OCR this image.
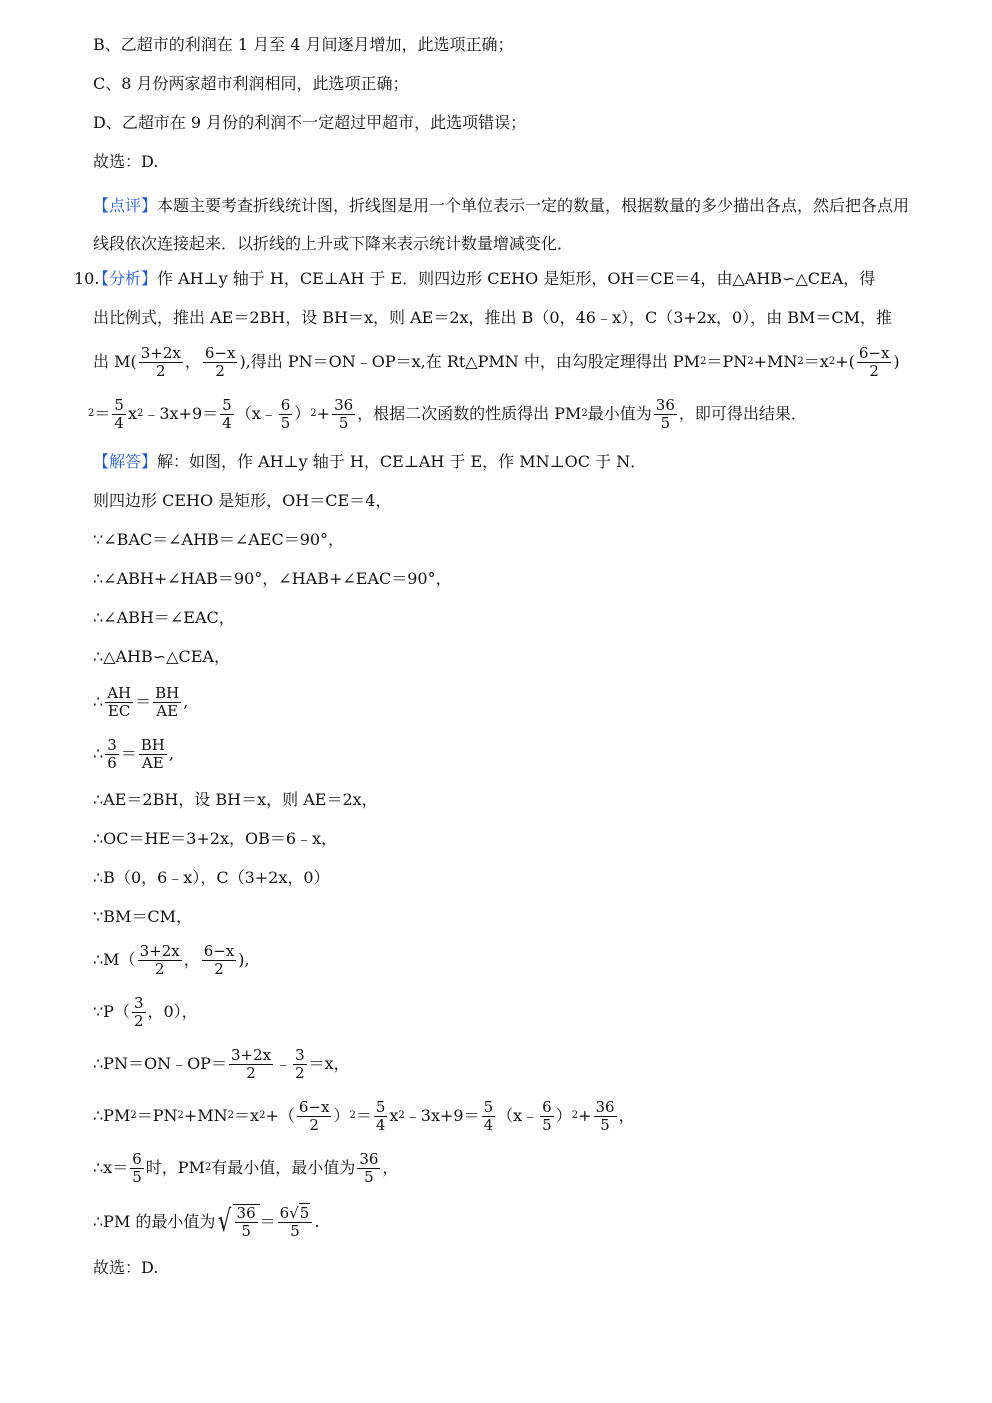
B、乙超市的利润在 1 月至 4 月间逐月增加，此选项正确；
C、8 月份两家超市利润相同，此选项正确；
D、乙超市在 9 月份的利润不一定超过甲超市，此选项错误；
故选：D.
【点评】本题主要考查折线统计图，折线图是用一个单位表示一定的数量，根据数量的多少描出各点，然后把各点用线段依次连接起来．以折线的上升或下降来表示统计数量增减变化．
10.
【分析】作 AH⊥y 轴于 H，CE⊥AH 于 E．则四边形 CEHO 是矩形，OH＝CE＝4，由△AHB∽△CEA，得
出比例式，推出 AE＝2BH，设 BH＝x，则 AE＝2x，推出 B（0，46﹣x），C（3+2x，0），由 BM＝CM，推
出 $M( \frac{3+2x}{2}$ ， $\frac{6-x}{2}$ ),得出 PN＝ON﹣OP＝x,在 Rt△PMN 中，由勾股定理得出 PM 2 ＝PN 2 +MN 2 ＝x 2 +( $\frac{6-x}{2}$ )
$2 = \frac{5}{4}$ x 2 ﹣3x+9＝ $\frac{5}{4}$ （x﹣ $\frac{6}{5}$ ） $2 + \frac{36}{5}$ ，根据二次函数的性质得出 PM 2 最小值为 $\frac{36}{5}$ ，即可得出结果．
【解答】解：如图，作 AH⊥y 轴于 H，CE⊥AH 于 E，作 MN⊥OC 于 N．
则四边形 CEHO 是矩形，OH＝CE＝4，
∵∠BAC＝∠AHB＝∠AEC＝90°，
∴∠ABH+∠HAB＝90°，∠HAB+∠EAC＝90°，
∴∠ABH＝∠EAC，
∴△AHB∽△CEA，
∴ $\frac{AH}{EC} = \frac{BH}{AE}$ ,
∴ $\frac{3}{6} = \frac{BH}{AE}$ ,
∴AE＝2BH，设 BH＝x，则 AE＝2x，
∴OC＝HE＝3+2x，OB＝6﹣x，
∴B（0，6﹣x），C（3+2x，0）
∵BM＝CM，
∴M（ $\frac{3+2x}{2}$ ， $\frac{6-x}{2}$ ),
∵P（ $\frac{3}{2}$ ，0），
∴PN＝ON﹣OP＝ $\frac{3+2x}{2}$ ﹣ $\frac{3}{2} =x$，
∴PM 2 ＝PN 2 +MN 2 ＝x 2 +（ $\frac{6-x}{2}$ ） $2 = \frac{5}{4}$ x 2 ﹣3x+9＝ $\frac{5}{4}$ （x﹣ $\frac{6}{5}$ ） $2 + \frac{36}{5}$ ，
∴x＝ $\frac{6}{5}$ 时，PM 2 有最小值，最小值为 $\frac{36}{5}$ ，
∴PM 的最小值为 √ $\frac{36}{5} = \frac{6√5}{5}$ .
故选：D.
